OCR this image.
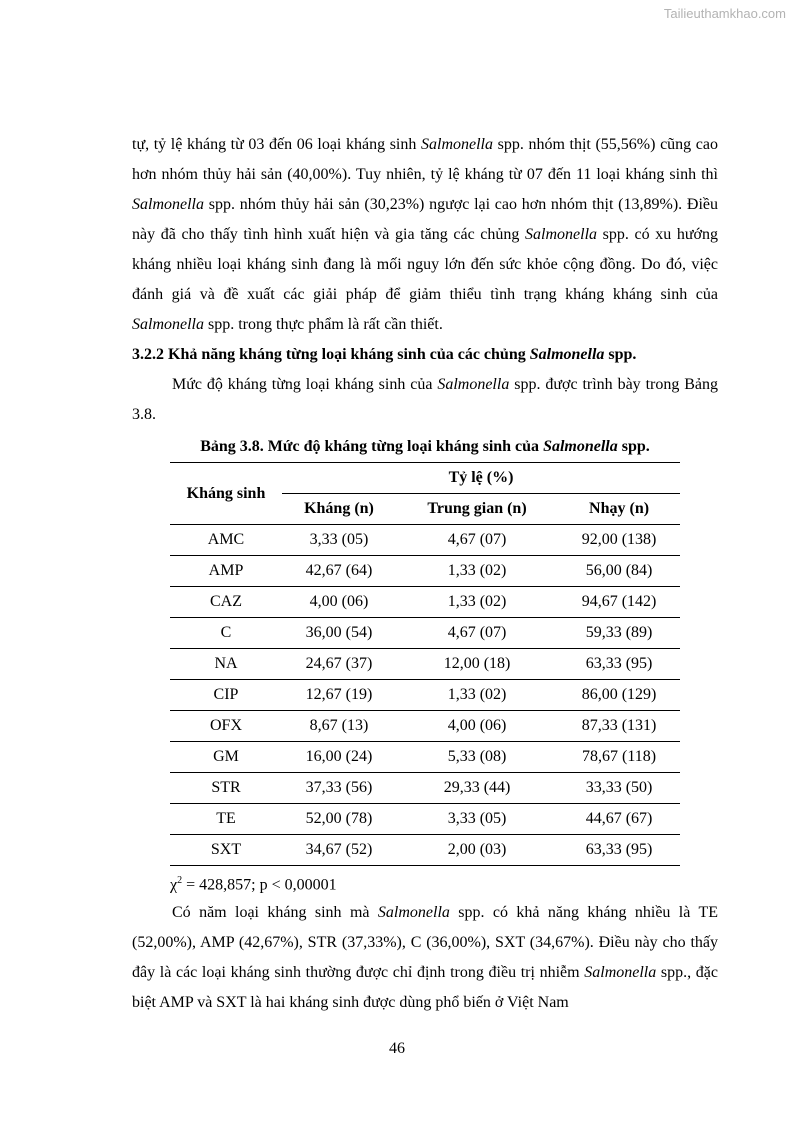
Tailieuthamkhao.com

tự, tỷ lệ kháng từ 03 đến 06 loại kháng sinh Salmonella spp. nhóm thịt (55,56%) cũng cao hơn nhóm thủy hải sản (40,00%). Tuy nhiên, tỷ lệ kháng từ 07 đến 11 loại kháng sinh thì Salmonella spp. nhóm thủy hải sản (30,23%) ngược lại cao hơn nhóm thịt (13,89%). Điều này đã cho thấy tình hình xuất hiện và gia tăng các chủng Salmonella spp. có xu hướng kháng nhiều loại kháng sinh đang là mối nguy lớn đến sức khỏe cộng đồng. Do đó, việc đánh giá và đề xuất các giải pháp để giảm thiểu tình trạng kháng kháng sinh của Salmonella spp. trong thực phẩm là rất cần thiết.

3.2.2 Khả năng kháng từng loại kháng sinh của các chủng Salmonella spp.

Mức độ kháng từng loại kháng sinh của Salmonella spp. được trình bày trong Bảng 3.8.

Bảng 3.8. Mức độ kháng từng loại kháng sinh của Salmonella spp.

Kháng sinh	Tỷ lệ (%)		
	Kháng (n)	Trung gian (n)	Nhạy (n)
AMC	3,33 (05)	4,67 (07)	92,00 (138)
AMP	42,67 (64)	1,33 (02)	56,00 (84)
CAZ	4,00 (06)	1,33 (02)	94,67 (142)
C	36,00 (54)	4,67 (07)	59,33 (89)
NA	24,67 (37)	12,00 (18)	63,33 (95)
CIP	12,67 (19)	1,33 (02)	86,00 (129)
OFX	8,67 (13)	4,00 (06)	87,33 (131)
GM	16,00 (24)	5,33 (08)	78,67 (118)
STR	37,33 (56)	29,33 (44)	33,33 (50)
TE	52,00 (78)	3,33 (05)	44,67 (67)
SXT	34,67 (52)	2,00 (03)	63,33 (95)
$\chi^2 = 428,857$; p < 0,00001

Có năm loại kháng sinh mà Salmonella spp. có khả năng kháng nhiều là TE (52,00%), AMP (42,67%), STR (37,33%), C (36,00%), SXT (34,67%). Điều này cho thấy đây là các loại kháng sinh thường được chỉ định trong điều trị nhiễm Salmonella spp., đặc biệt AMP và SXT là hai kháng sinh được dùng phổ biến ở Việt Nam

46
